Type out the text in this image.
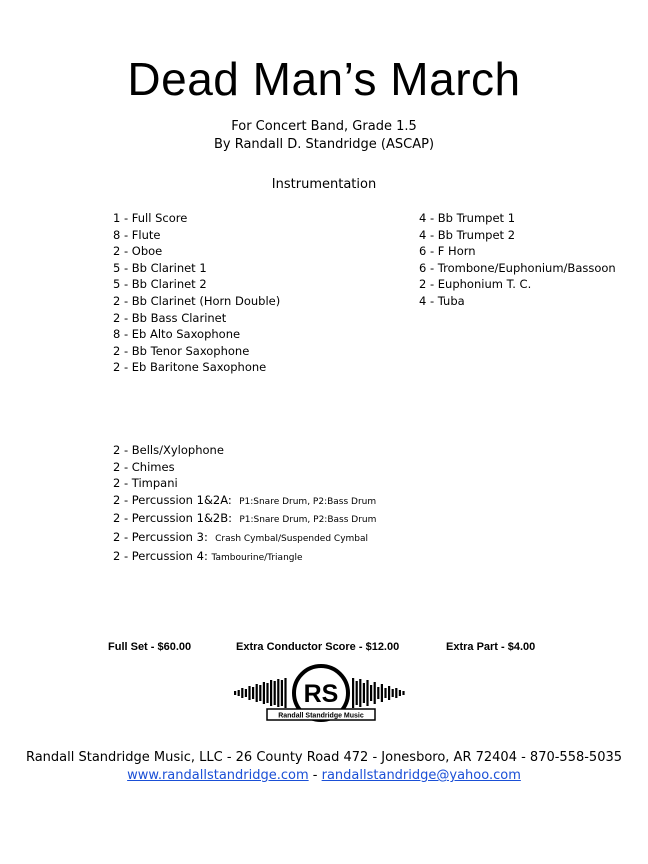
Dead Man’s March
For Concert Band, Grade 1.5
By Randall D. Standridge (ASCAP)
Instrumentation
1 - Full Score
8 - Flute
2 - Oboe
5 - Bb Clarinet 1
5 - Bb Clarinet 2
2 - Bb Clarinet (Horn Double)
2 - Bb Bass Clarinet
8 - Eb Alto Saxophone
2 - Bb Tenor Saxophone
2 - Eb Baritone Saxophone
4 - Bb Trumpet 1
4 - Bb Trumpet 2
6 - F Horn
6 - Trombone/Euphonium/Bassoon
2 - Euphonium T. C.
4 - Tuba
2 - Bells/Xylophone
2 - Chimes
2 - Timpani
2 - Percussion 1&2A: P1:Snare Drum, P2:Bass Drum
2 - Percussion 1&2B: P1:Snare Drum, P2:Bass Drum
2 - Percussion 3: Crash Cymbal/Suspended Cymbal
2 - Percussion 4: Tambourine/Triangle
Full Set - $60.00	Extra Conductor Score - $12.00	Extra Part - $4.00
RS
Randall Standridge Music
Randall Standridge Music, LLC - 26 County Road 472 - Jonesboro, AR 72404 - 870-558-5035
www.randallstandridge.com - randallstandridge@yahoo.com
